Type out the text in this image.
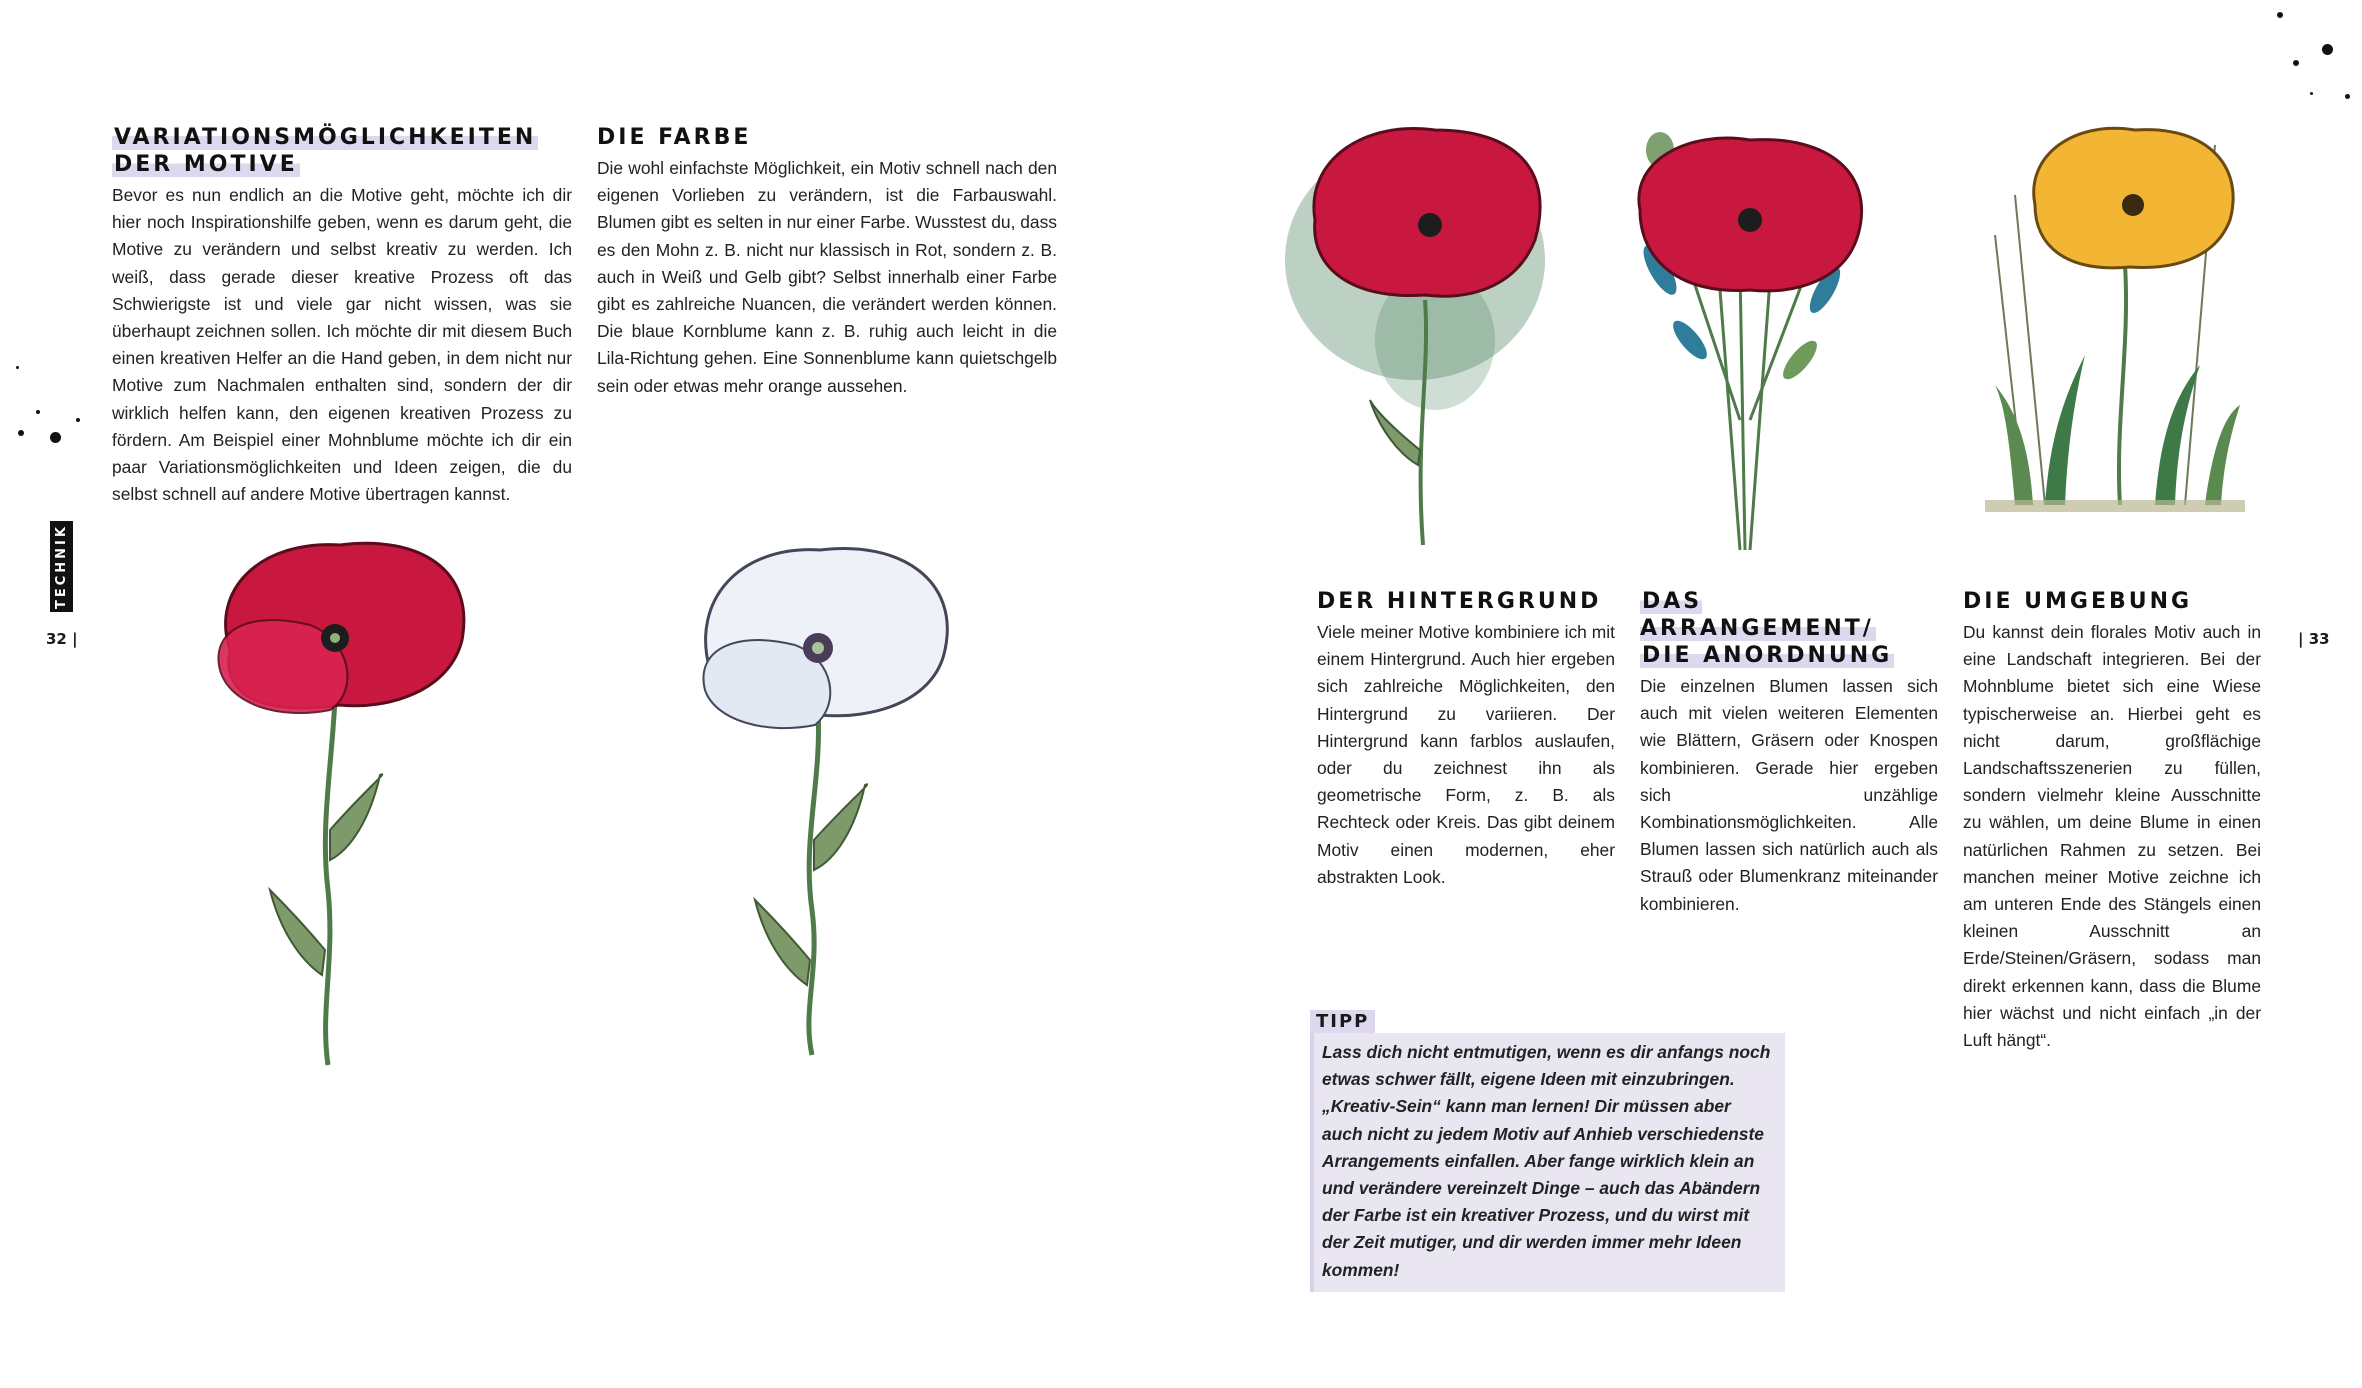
TECHNIK
32 |	| 33
VARIATIONSMÖGLICHKEITEN
DER MOTIVE

Bevor es nun endlich an die Motive geht, möchte ich dir hier noch Inspirationshilfe geben, wenn es darum geht, die Motive zu verändern und selbst kreativ zu werden. Ich weiß, dass gerade dieser kreative Prozess oft das Schwierigste ist und viele gar nicht wissen, was sie überhaupt zeichnen sollen. Ich möchte dir mit diesem Buch einen kreativen Helfer an die Hand geben, in dem nicht nur Motive zum Nachmalen enthalten sind, sondern der dir wirklich helfen kann, den eigenen kreativen Prozess zu fördern. Am Beispiel einer Mohnblume möchte ich dir ein paar Variationsmöglichkeiten und Ideen zeigen, die du selbst schnell auf andere Motive übertragen kannst.

DIE FARBE

Die wohl einfachste Möglichkeit, ein Motiv schnell nach den eigenen Vorlieben zu verändern, ist die Farbauswahl. Blumen gibt es selten in nur einer Farbe. Wusstest du, dass es den Mohn z. B. nicht nur klassisch in Rot, sondern z. B. auch in Weiß und Gelb gibt? Selbst innerhalb einer Farbe gibt es zahlreiche Nuancen, die verändert werden können. Die blaue Kornblume kann z. B. ruhig auch leicht in die Lila-Richtung gehen. Eine Sonnenblume kann quietschgelb sein oder etwas mehr orange aussehen.

DER HINTERGRUND

Viele meiner Motive kombiniere ich mit einem Hintergrund. Auch hier ergeben sich zahlreiche Möglichkeiten, den Hintergrund zu variieren. Der Hintergrund kann farblos auslaufen, oder du zeichnest ihn als geometrische Form, z. B. als Rechteck oder Kreis. Das gibt deinem Motiv einen modernen, eher abstrakten Look.

DAS ARRANGEMENT/
DIE ANORDNUNG

Die einzelnen Blumen lassen sich auch mit vielen weiteren Elementen wie Blättern, Gräsern oder Knospen kombinieren. Gerade hier ergeben sich unzählige Kombinationsmöglichkeiten. Alle Blumen lassen sich natürlich auch als Strauß oder Blumenkranz miteinander kombinieren.

DIE UMGEBUNG

Du kannst dein florales Motiv auch in eine Landschaft integrieren. Bei der Mohnblume bietet sich eine Wiese typischerweise an. Hierbei geht es nicht darum, großflächige Landschaftsszenerien zu füllen, sondern vielmehr kleine Ausschnitte zu wählen, um deine Blume in einen natürlichen Rahmen zu setzen. Bei manchen meiner Motive zeichne ich am unteren Ende des Stängels einen kleinen Ausschnitt an Erde/Steinen/Gräsern, sodass man direkt erkennen kann, dass die Blume hier wächst und nicht einfach „in der Luft hängt“.

TIPP

Lass dich nicht entmutigen, wenn es dir anfangs noch etwas schwer fällt, eigene Ideen mit einzubringen. „Kreativ-Sein“ kann man lernen! Dir müssen aber auch nicht zu jedem Motiv auf Anhieb verschiedenste Arrangements einfallen. Aber fange wirklich klein an und verändere vereinzelt Dinge – auch das Abändern der Farbe ist ein kreativer Prozess, und du wirst mit der Zeit mutiger, und dir werden immer mehr Ideen kommen!
